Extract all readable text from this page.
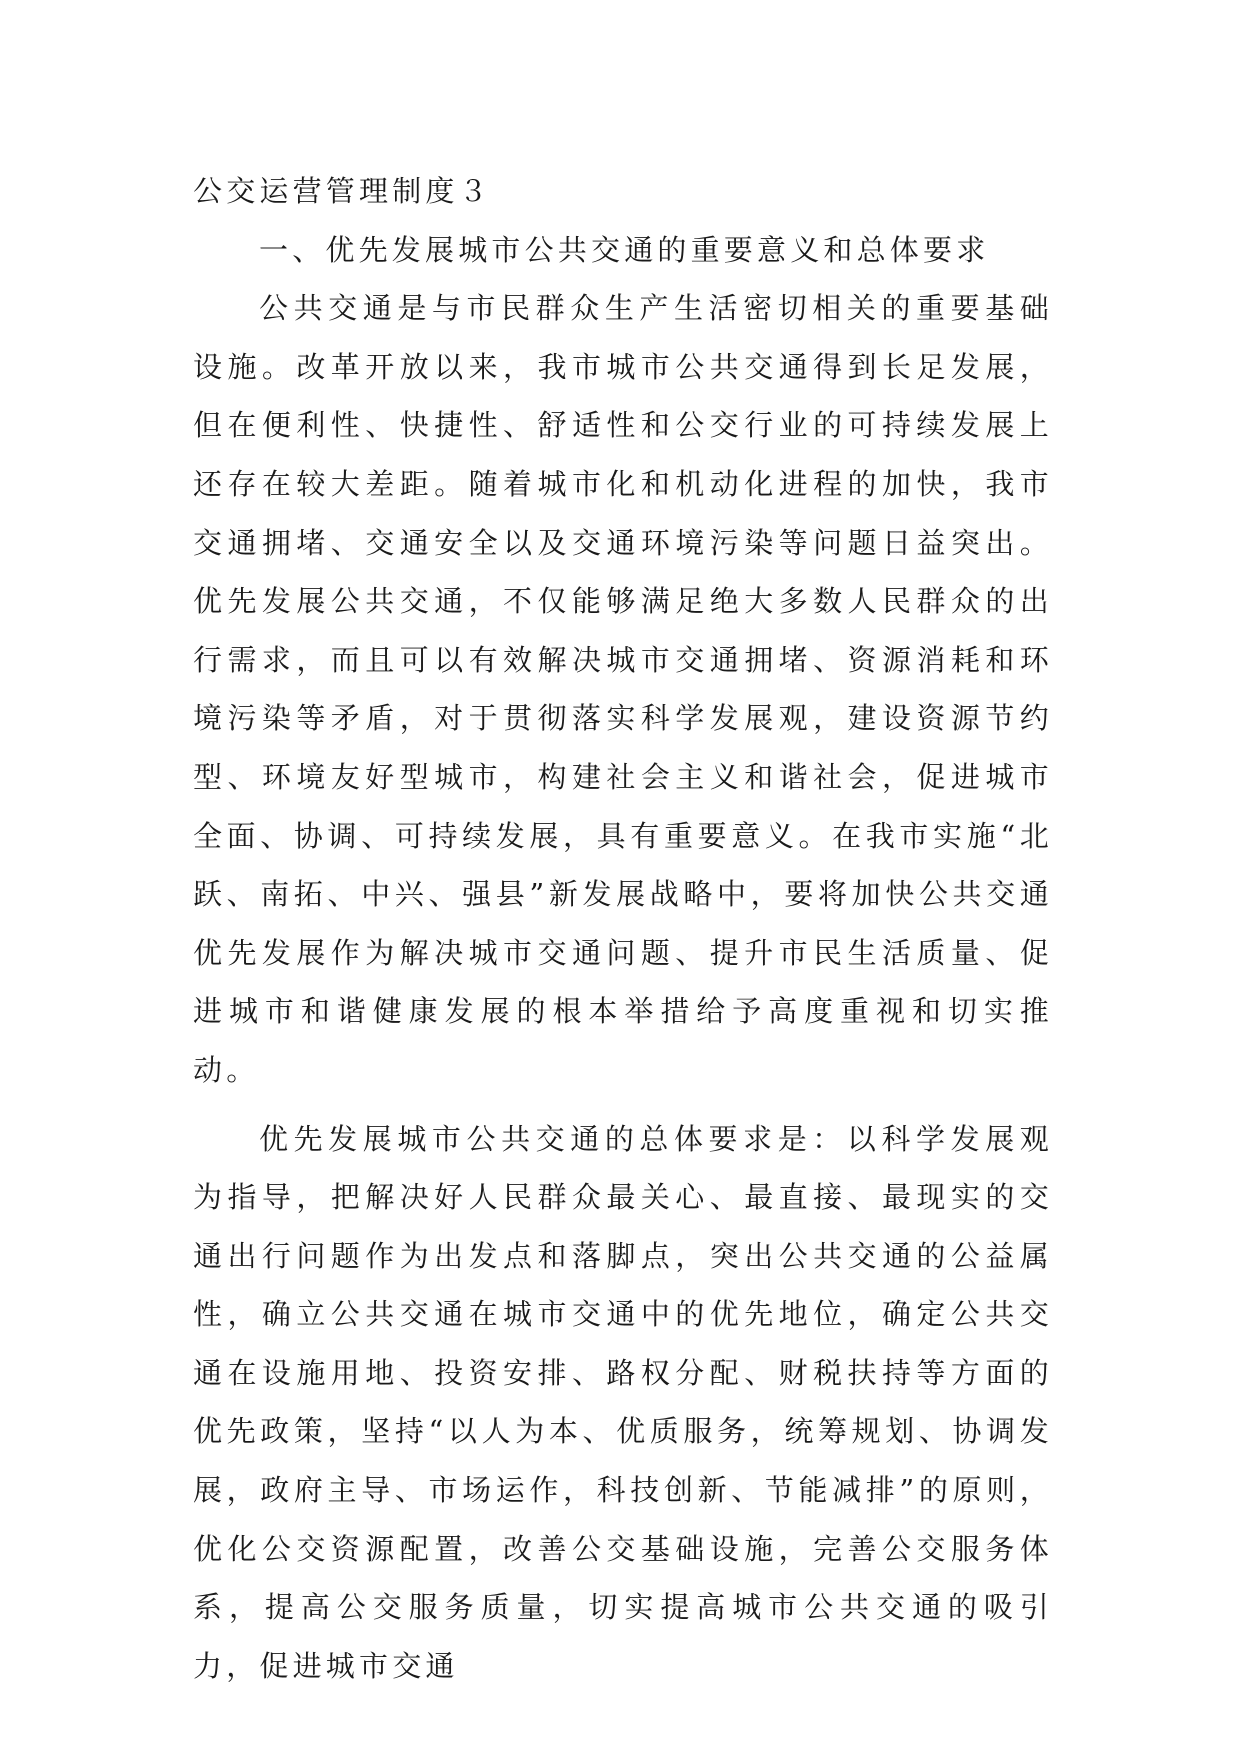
公交运营管理制度３
一、优先发展城市公共交通的重要意义和总体要求

公共交通是与市民群众生产生活密切相关的重要基础设施。改革开放以来，我市城市公共交通得到长足发展，但在便利性、快捷性、舒适性和公交行业的可持续发展上还存在较大差距。随着城市化和机动化进程的加快，我市交通拥堵、交通安全以及交通环境污染等问题日益突出。优先发展公共交通，不仅能够满足绝大多数人民群众的出行需求，而且可以有效解决城市交通拥堵、资源消耗和环境污染等矛盾，对于贯彻落实科学发展观，建设资源节约型、环境友好型城市，构建社会主义和谐社会，促进城市全面、协调、可持续发展，具有重要意义。在我市实施“北跃、南拓、中兴、强县”新发展战略中，要将加快公共交通优先发展作为解决城市交通问题、提升市民生活质量、促进城市和谐健康发展的根本举措给予高度重视和切实推动。

优先发展城市公共交通的总体要求是：以科学发展观为指导，把解决好人民群众最关心、最直接、最现实的交通出行问题作为出发点和落脚点，突出公共交通的公益属性，确立公共交通在城市交通中的优先地位，确定公共交通在设施用地、投资安排、路权分配、财税扶持等方面的优先政策，坚持“以人为本、优质服务，统筹规划、协调发展，政府主导、市场运作，科技创新、节能减排”的原则，优化公交资源配置，改善公交基础设施，完善公交服务体系，提高公交服务质量，切实提高城市公共交通的吸引力，促进城市交通
